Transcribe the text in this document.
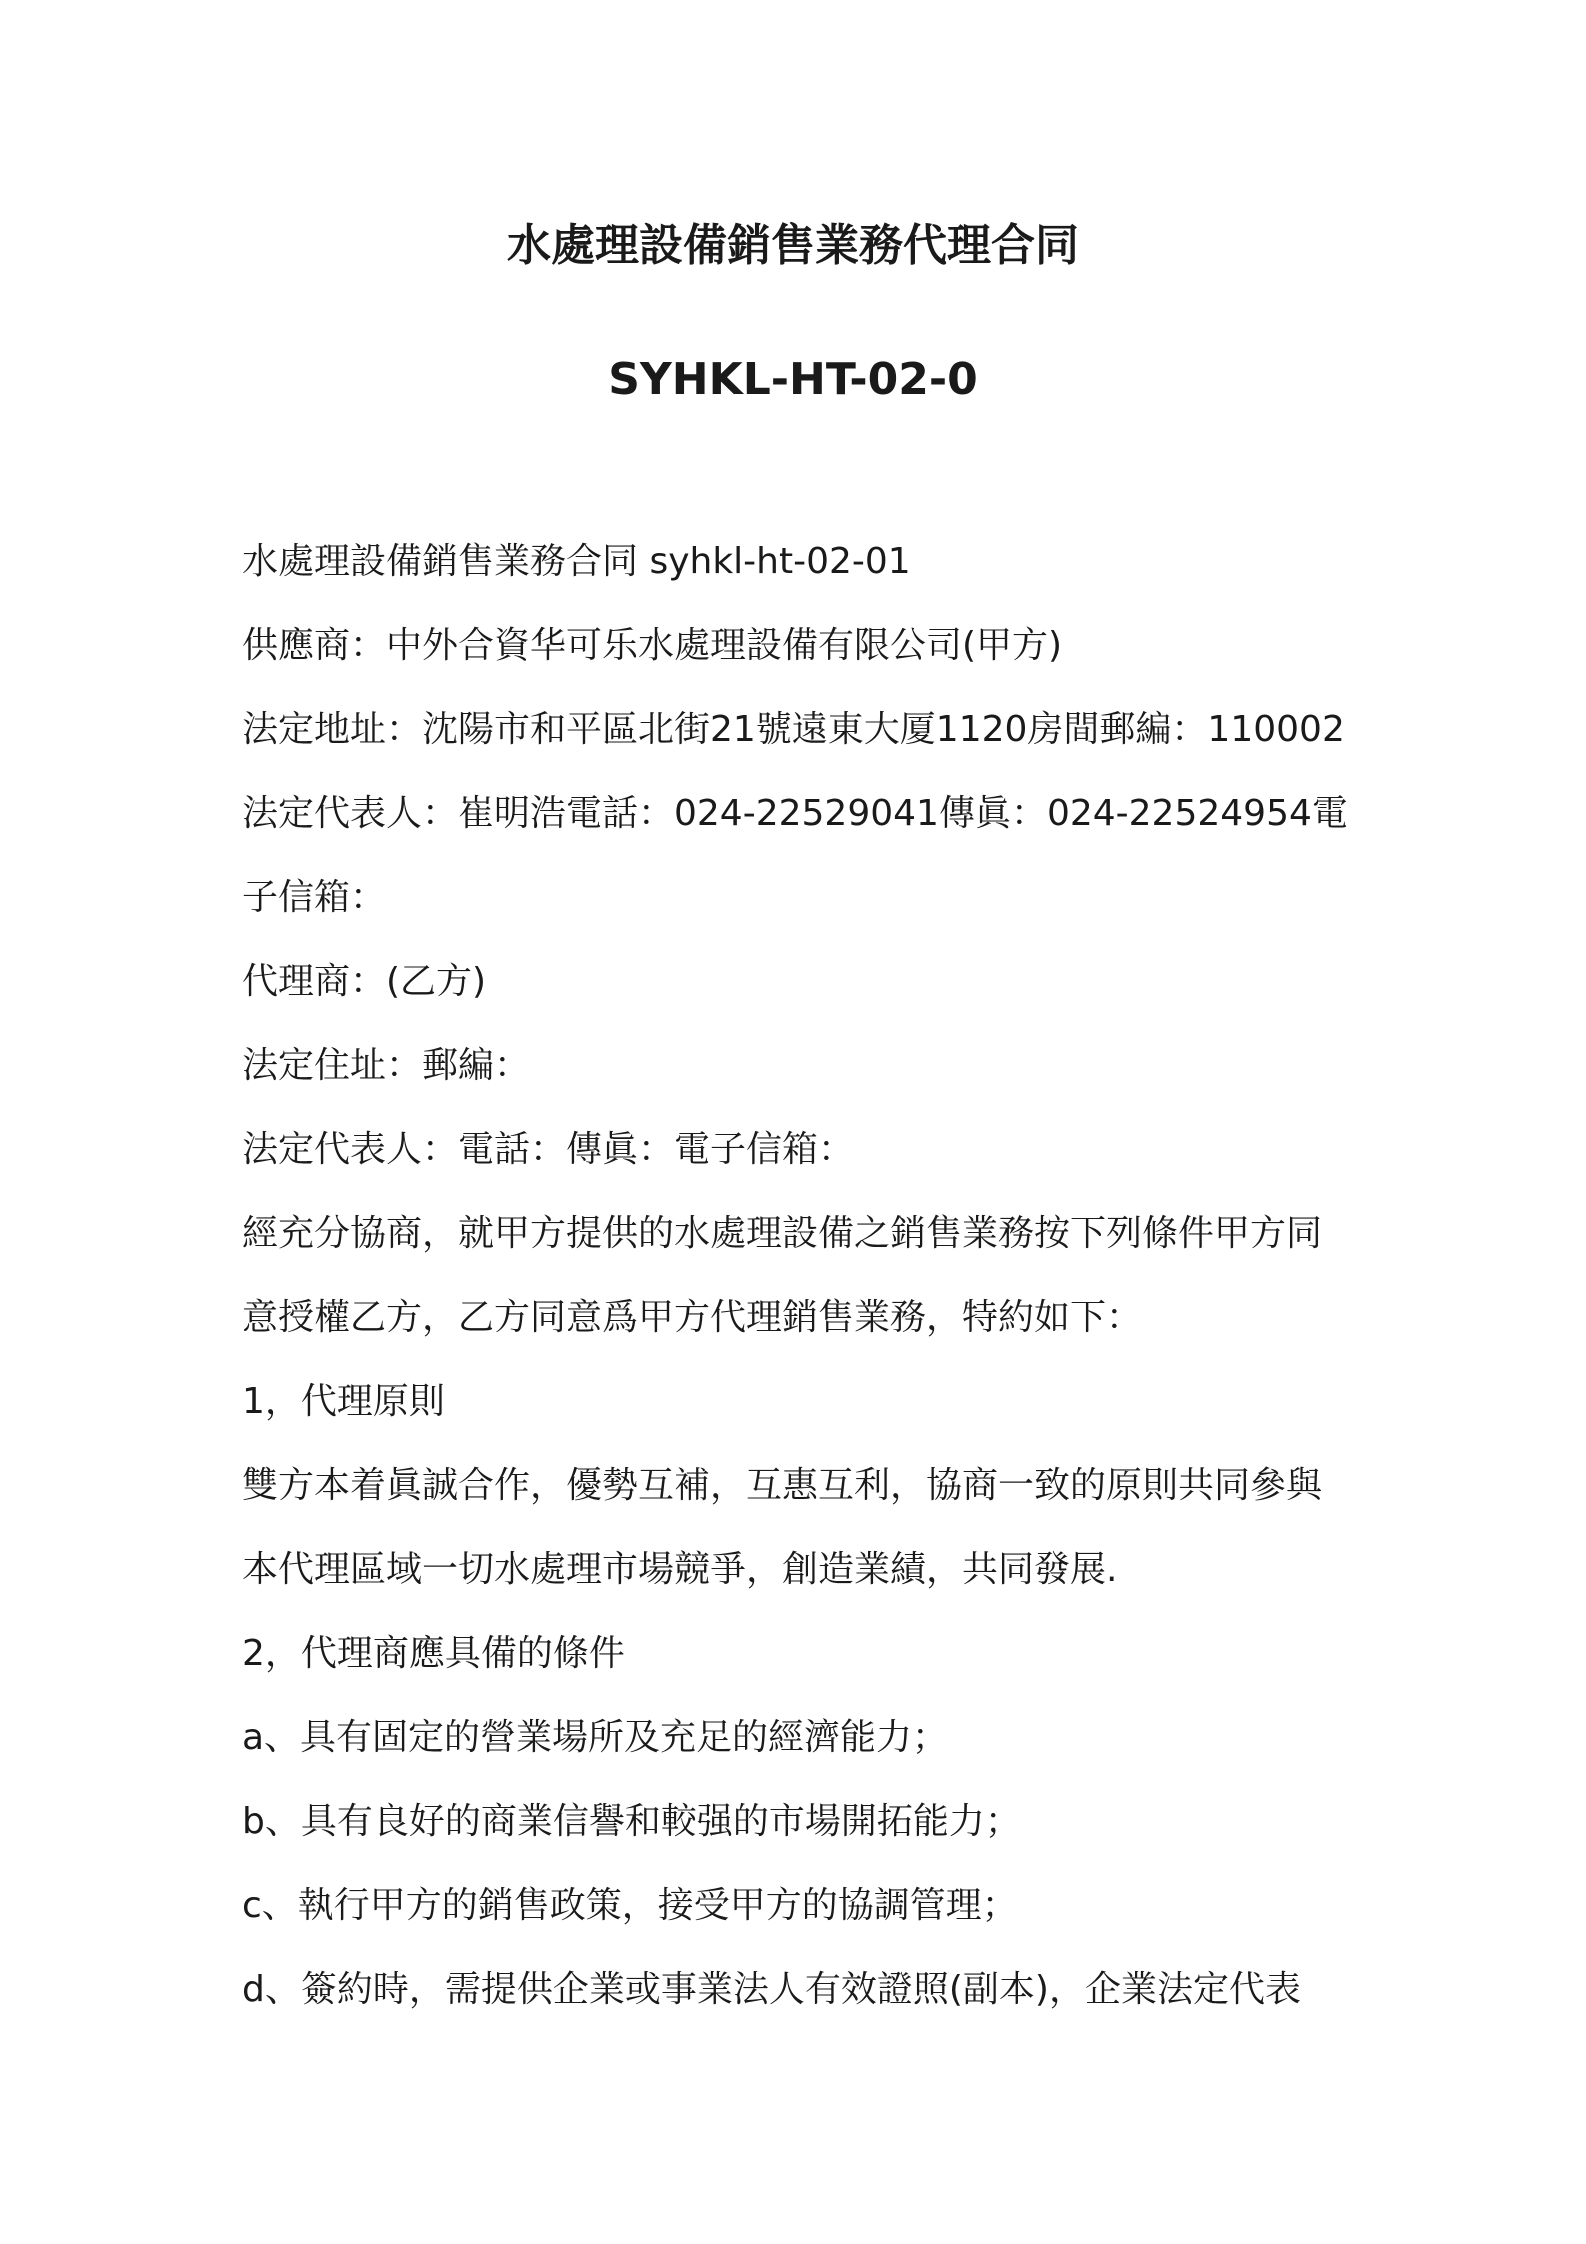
水處理設備銷售業務代理合同
SYHKL-HT-02-0
水處理設備銷售業務合同 syhkl-ht-02-01
供應商：中外合資华可乐水處理設備有限公司(甲方)
法定地址：沈陽市和平區北街21號遠東大厦1120房間郵編：110002
法定代表人：崔明浩電話：024-22529041傳眞：024-22524954電
子信箱：
代理商：(乙方)
法定住址：郵編：
法定代表人：電話：傳眞：電子信箱：
經充分協商，就甲方提供的水處理設備之銷售業務按下列條件甲方同
意授權乙方，乙方同意爲甲方代理銷售業務，特約如下：
1，代理原則
雙方本着眞誠合作，優勢互補，互惠互利，協商一致的原則共同參與
本代理區域一切水處理市場競爭，創造業績，共同發展.
2，代理商應具備的條件
a、具有固定的營業場所及充足的經濟能力；
b、具有良好的商業信譽和較强的市場開拓能力；
c、執行甲方的銷售政策，接受甲方的協調管理；
d、簽約時，需提供企業或事業法人有效證照(副本)，企業法定代表
